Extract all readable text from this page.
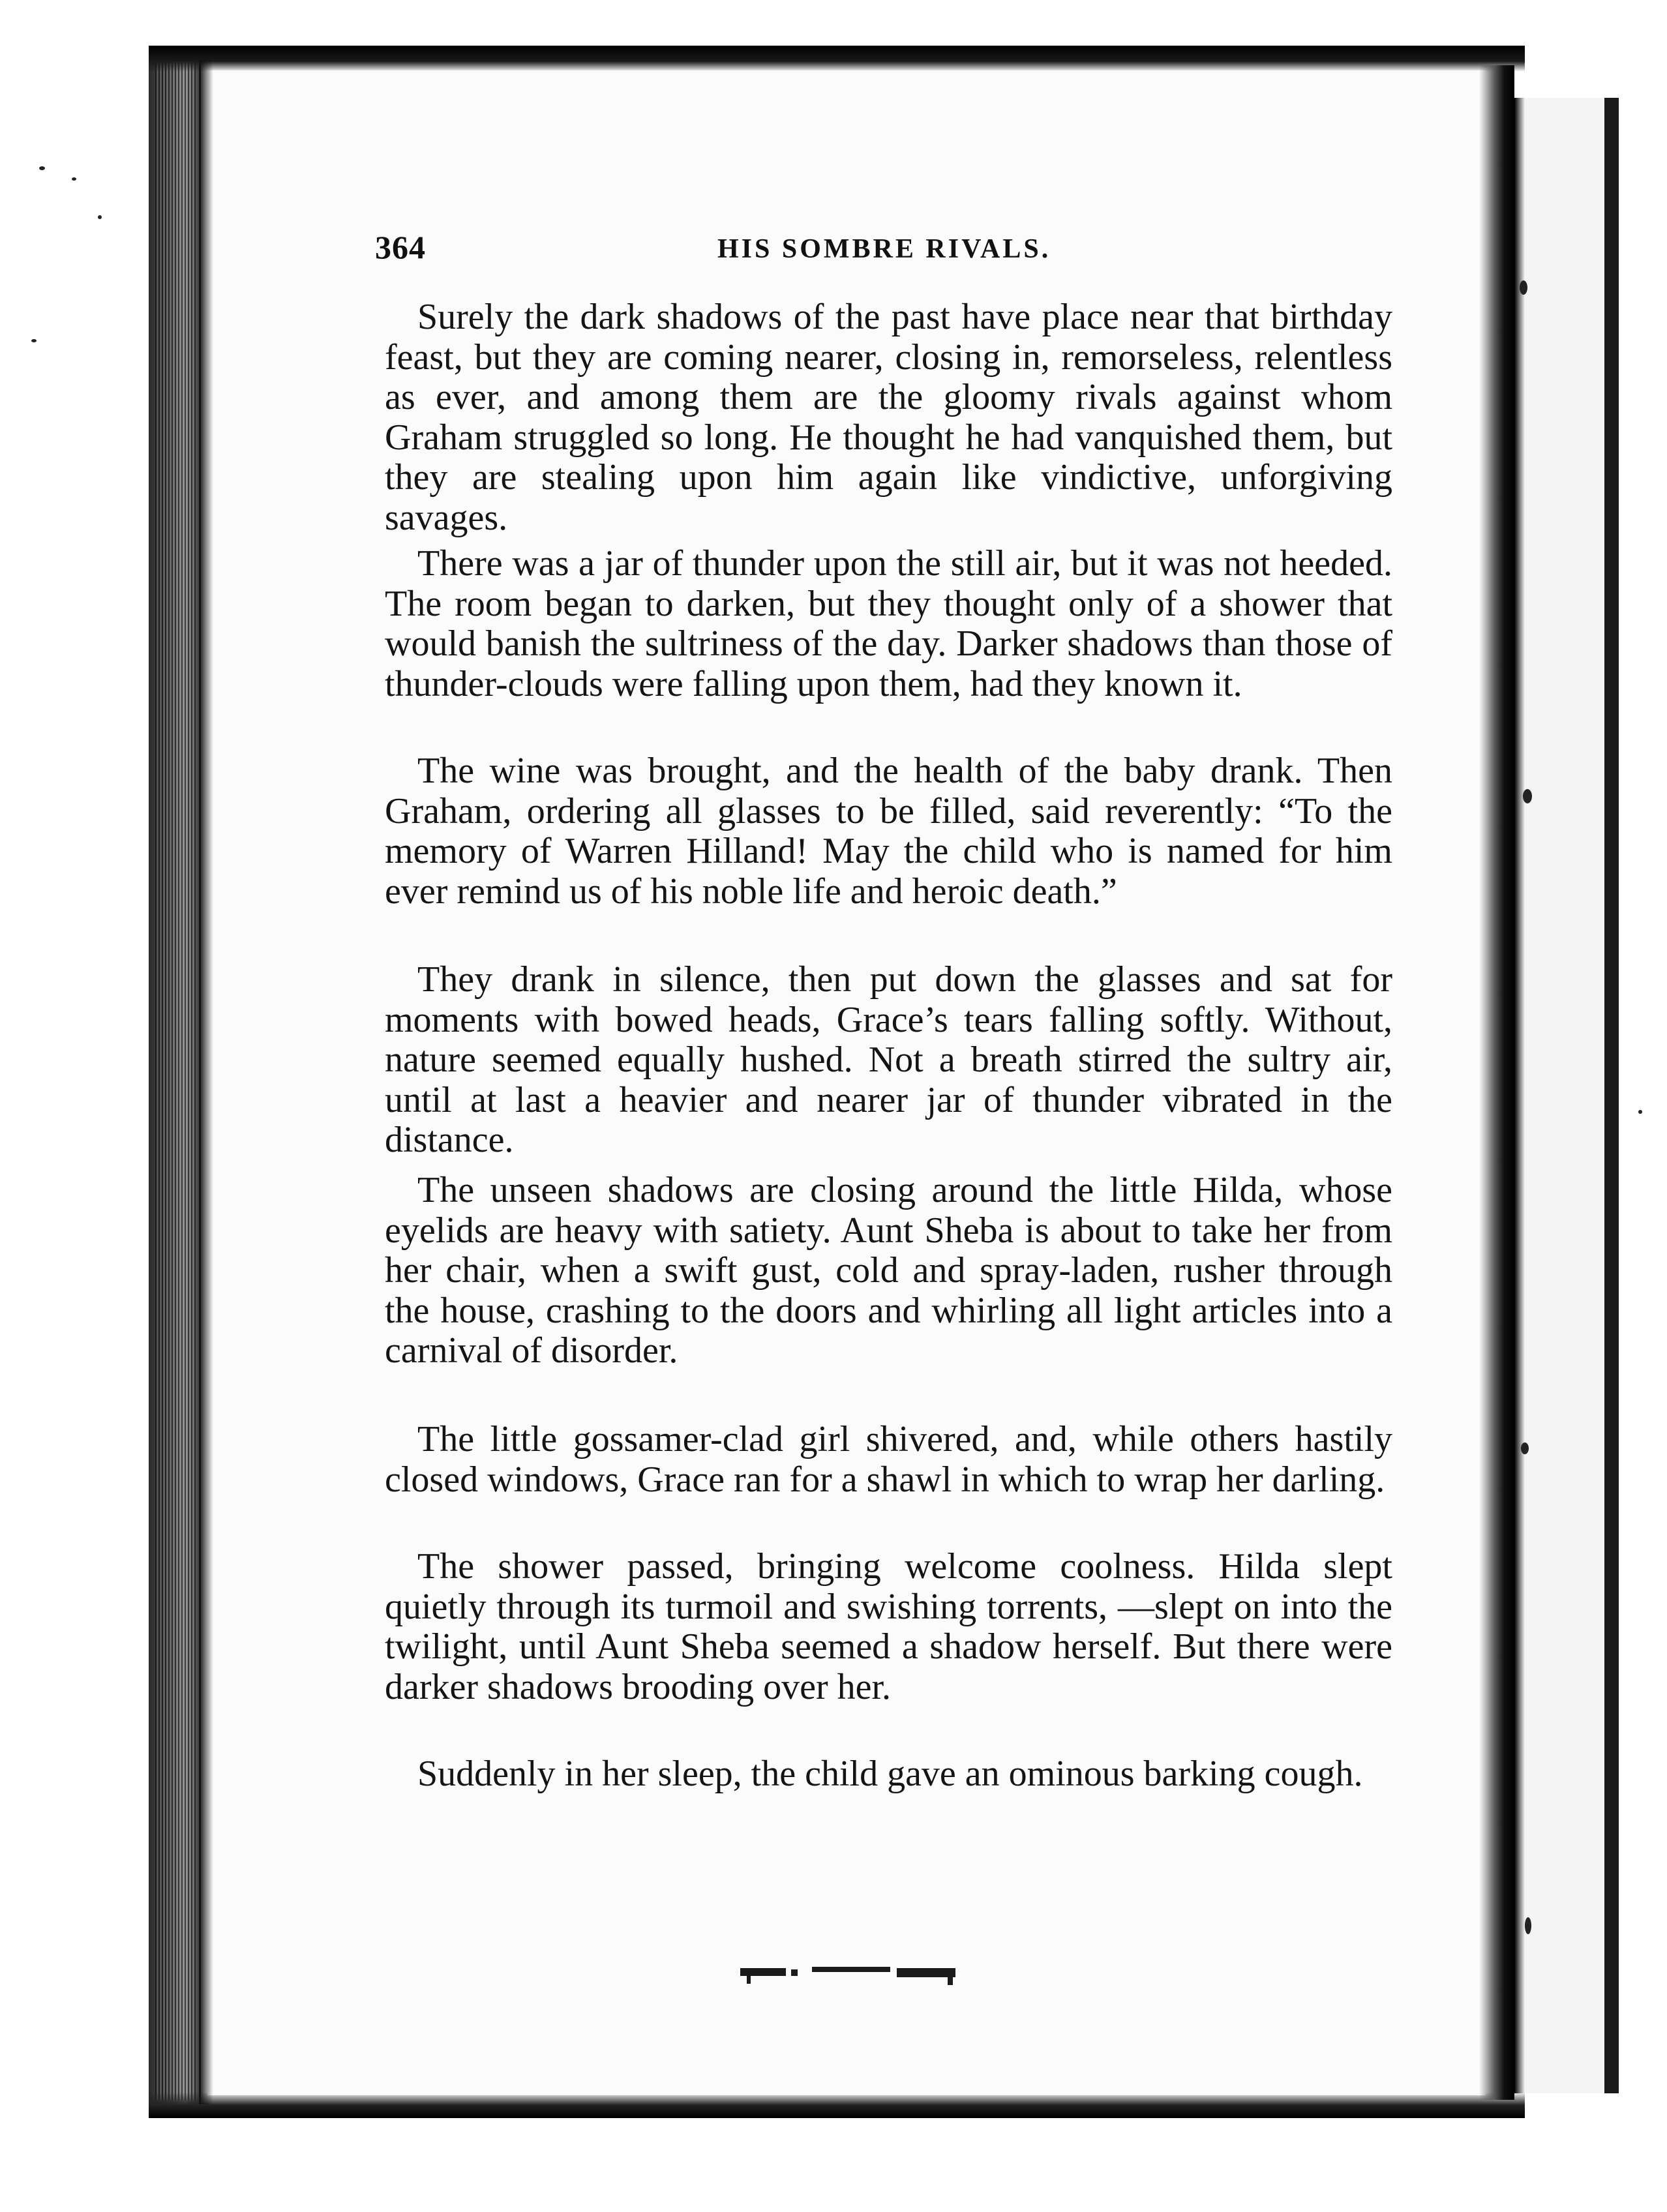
364	HIS SOMBRE RIVALS.

Surely the dark shadows of the past have place near that birthday feast, but they are coming nearer, closing in, remorseless, relentless as ever, and among them are the gloomy rivals against whom Graham struggled so long. He thought he had vanquished them, but they are stealing upon him again like vindictive, unforgiving savages.

There was a jar of thunder upon the still air, but it was not heeded. The room began to darken, but they thought only of a shower that would banish the sultriness of the day. Darker shadows than those of thunder-clouds were falling upon them, had they known it.

The wine was brought, and the health of the baby drank. Then Graham, ordering all glasses to be filled, said reverently: “To the memory of Warren Hilland! May the child who is named for him ever remind us of his noble life and heroic death.”

They drank in silence, then put down the glasses and sat for moments with bowed heads, Grace’s tears falling softly. Without, nature seemed equally hushed. Not a breath stirred the sultry air, until at last a heavier and nearer jar of thunder vibrated in the distance.

The unseen shadows are closing around the little Hilda, whose eyelids are heavy with satiety. Aunt Sheba is about to take her from her chair, when a swift gust, cold and spray-laden, rusher through the house, crashing to the doors and whirling all light articles into a carnival of disorder.

The little gossamer-clad girl shivered, and, while others hastily closed windows, Grace ran for a shawl in which to wrap her darling.

The shower passed, bringing welcome coolness. Hilda slept quietly through its turmoil and swishing torrents, —slept on into the twilight, until Aunt Sheba seemed a shadow herself. But there were darker shadows brooding over her.

Suddenly in her sleep, the child gave an ominous barking cough.
